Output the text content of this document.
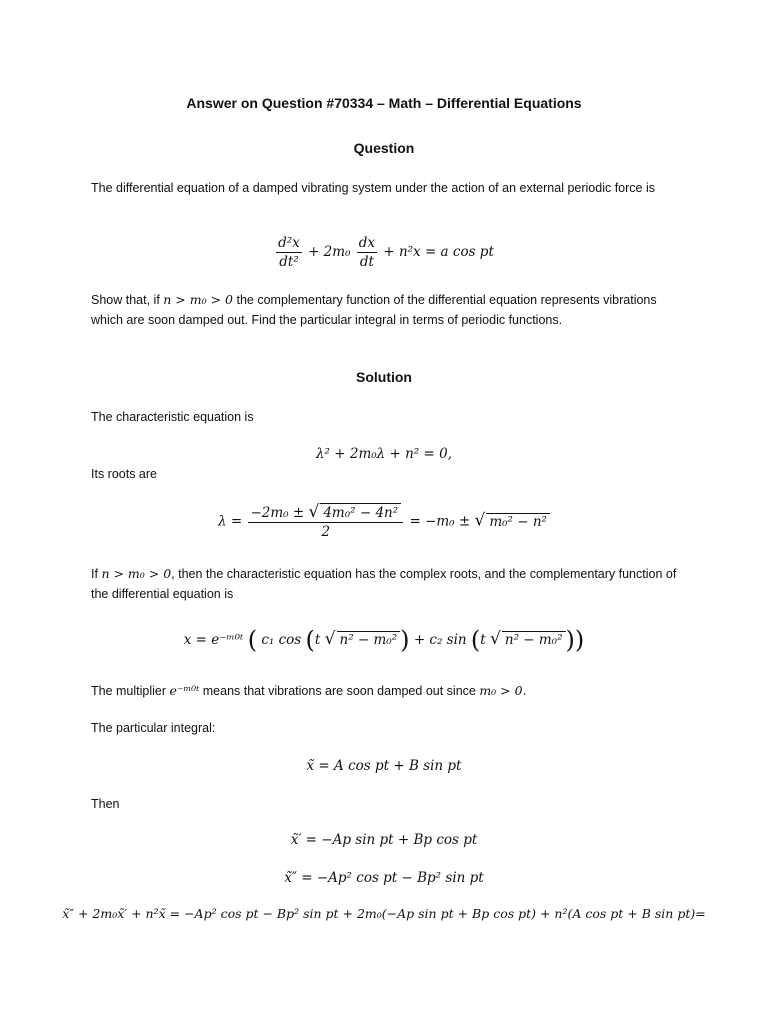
Answer on Question #70334 – Math – Differential Equations
Question
The differential equation of a damped vibrating system under the action of an external periodic force is
$\frac{\text{d²x}}{\text{dt²}} + 2m_0 \frac{dx}{dt} + n^2x = a$ cos pt
Show that, if n > m₀ > 0 the complementary function of the differential equation represents vibrations which are soon damped out. Find the particular integral in terms of periodic functions.
Solution
The characteristic equation is
λ² + 2m₀λ + n² = 0,
Its roots are
$\lambda = \frac{\text{−2m₀ ± √ 4m₀² − 4n²}}{2} = -m_0$ ± √ m₀² − n²
If n > m₀ > 0, then the characteristic equation has the complex roots, and the complementary function of the differential equation is
x = e⁻ᵐ⁰ᵗ ( c₁ cos (t √ n² − m₀² ) + c₂ sin (t √ n² − m₀² ))
The multiplier e⁻ᵐ⁰ᵗ means that vibrations are soon damped out since m₀ > 0.
The particular integral:
x̃ = A cos pt + B sin pt
Then
x̃′ = −Ap sin pt + Bp cos pt
x̃″ = −Ap² cos pt − Bp² sin pt
x̃″ + 2m₀x̃′ + n²x̃ = −Ap² cos pt − Bp² sin pt + 2m₀(−Ap sin pt + Bp cos pt) + n²(A cos pt + B sin pt)=
